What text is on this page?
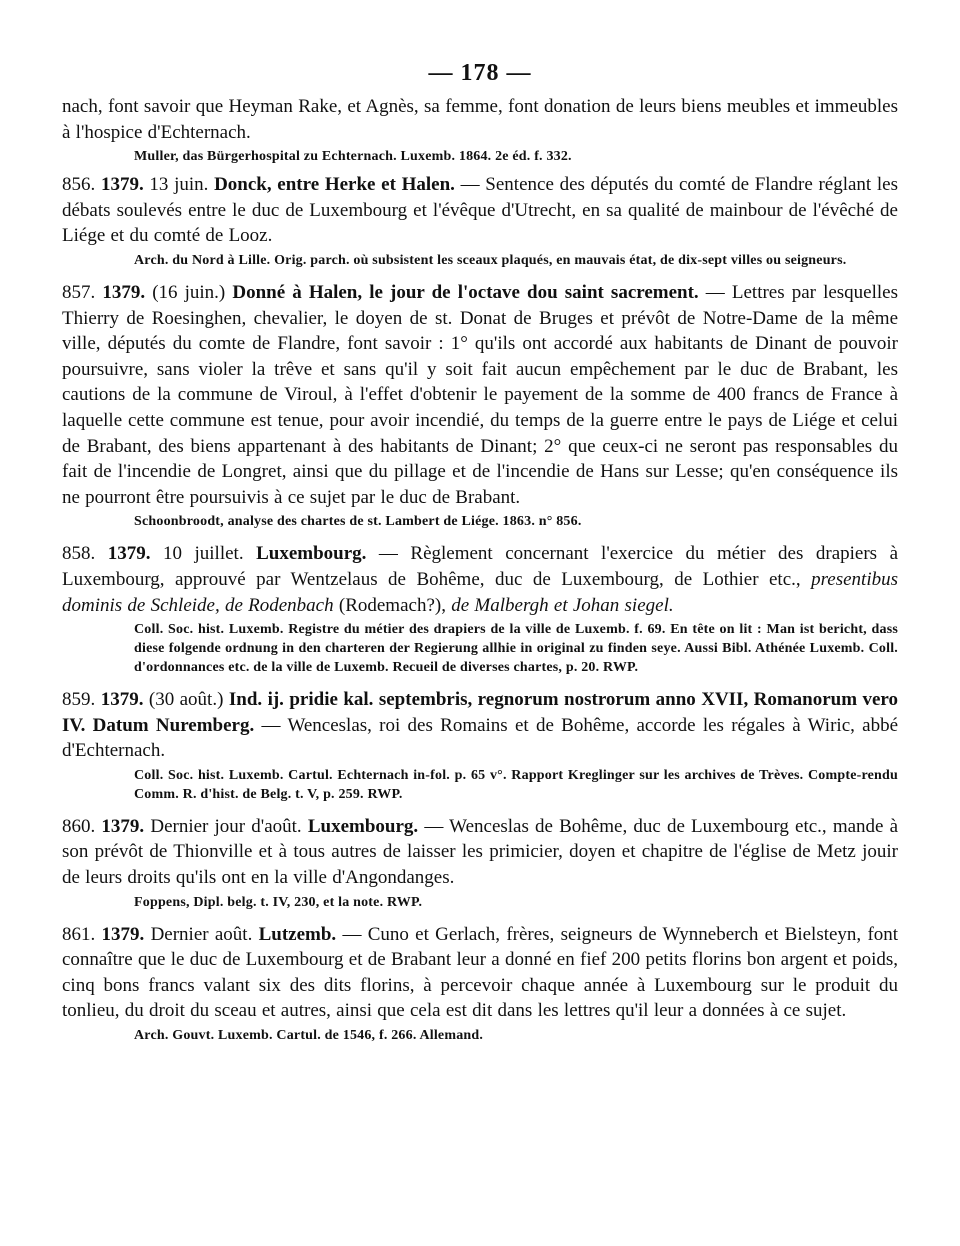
— 178 —

nach, font savoir que Heyman Rake, et Agnès, sa femme, font donation de leurs biens meubles et immeubles à l'hospice d'Echternach.

Muller, das Bürgerhospital zu Echternach. Luxemb. 1864. 2e éd. f. 332.

856. 1379. 13 juin. Donck, entre Herke et Halen. — Sentence des députés du comté de Flandre réglant les débats soulevés entre le duc de Luxembourg et l'évêque d'Utrecht, en sa qualité de mainbour de l'évêché de Liége et du comté de Looz.

Arch. du Nord à Lille. Orig. parch. où subsistent les sceaux plaqués, en mauvais état, de dix-sept villes ou seigneurs.

857. 1379. (16 juin.) Donné à Halen, le jour de l'octave dou saint sacrement. — Lettres par lesquelles Thierry de Roesinghen, chevalier, le doyen de st. Donat de Bruges et prévôt de Notre-Dame de la même ville, députés du comte de Flandre, font savoir : 1° qu'ils ont accordé aux habitants de Dinant de pouvoir poursuivre, sans violer la trêve et sans qu'il y soit fait aucun empêchement par le duc de Brabant, les cautions de la commune de Viroul, à l'effet d'obtenir le payement de la somme de 400 francs de France à laquelle cette commune est tenue, pour avoir incendié, du temps de la guerre entre le pays de Liége et celui de Brabant, des biens appartenant à des habitants de Dinant; 2° que ceux-ci ne seront pas responsables du fait de l'incendie de Longret, ainsi que du pillage et de l'incendie de Hans sur Lesse; qu'en conséquence ils ne pourront être poursuivis à ce sujet par le duc de Brabant.

Schoonbroodt, analyse des chartes de st. Lambert de Liége. 1863. n° 856.

858. 1379. 10 juillet. Luxembourg. — Règlement concernant l'exercice du métier des drapiers à Luxembourg, approuvé par Wentzelaus de Bohême, duc de Luxembourg, de Lothier etc., presentibus dominis de Schleide, de Rodenbach (Rodemach?), de Malbergh et Johan siegel.

Coll. Soc. hist. Luxemb. Registre du métier des drapiers de la ville de Luxemb. f. 69. En tête on lit : Man ist bericht, dass diese folgende ordnung in den charteren der Regierung allhie in original zu finden seye. Aussi Bibl. Athénée Luxemb. Coll. d'ordonnances etc. de la ville de Luxemb. Recueil de diverses chartes, p. 20. RWP.

859. 1379. (30 août.) Ind. ij. pridie kal. septembris, regnorum nostrorum anno XVII, Romanorum vero IV. Datum Nuremberg. — Wenceslas, roi des Romains et de Bohême, accorde les régales à Wiric, abbé d'Echternach.

Coll. Soc. hist. Luxemb. Cartul. Echternach in-fol. p. 65 v°. Rapport Kreglinger sur les archives de Trèves. Compte-rendu Comm. R. d'hist. de Belg. t. V, p. 259. RWP.

860. 1379. Dernier jour d'août. Luxembourg. — Wenceslas de Bohême, duc de Luxembourg etc., mande à son prévôt de Thionville et à tous autres de laisser les primicier, doyen et chapitre de l'église de Metz jouir de leurs droits qu'ils ont en la ville d'Angondanges.

Foppens, Dipl. belg. t. IV, 230, et la note. RWP.

861. 1379. Dernier août. Lutzemb. — Cuno et Gerlach, frères, seigneurs de Wynneberch et Bielsteyn, font connaître que le duc de Luxembourg et de Brabant leur a donné en fief 200 petits florins bon argent et poids, cinq bons francs valant six des dits florins, à percevoir chaque année à Luxembourg sur le produit du tonlieu, du droit du sceau et autres, ainsi que cela est dit dans les lettres qu'il leur a données à ce sujet.

Arch. Gouvt. Luxemb. Cartul. de 1546, f. 266. Allemand.
